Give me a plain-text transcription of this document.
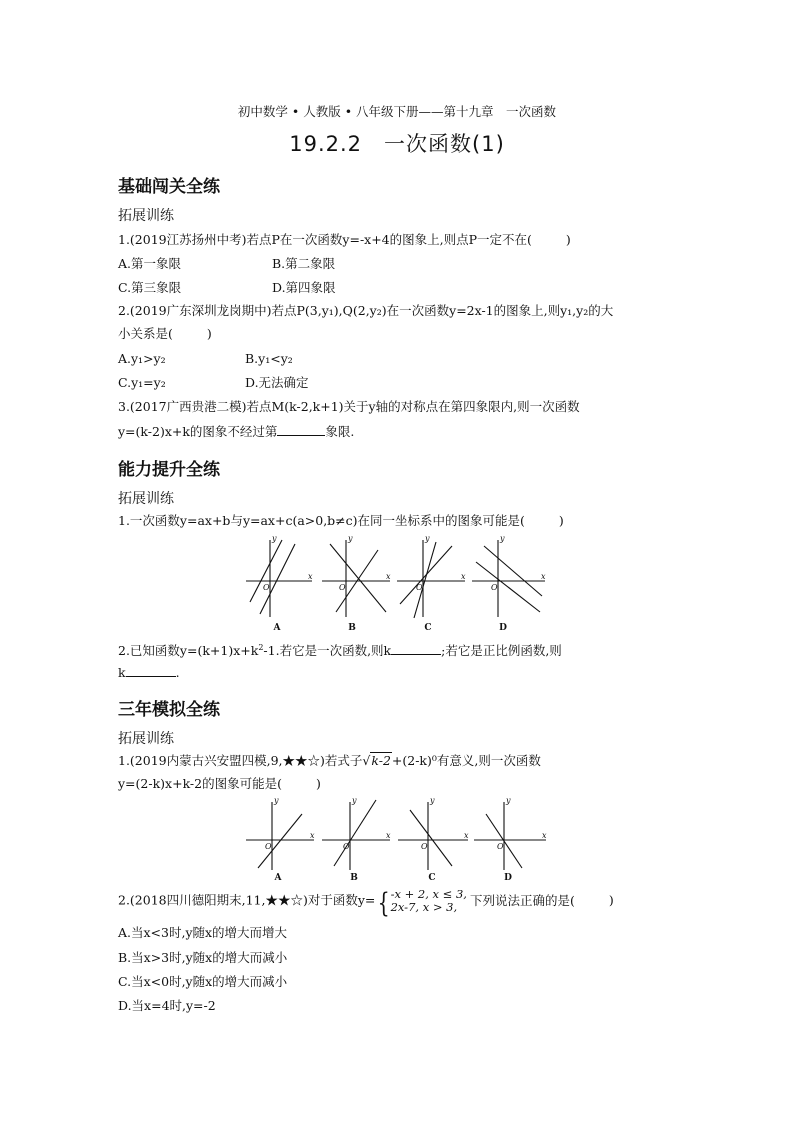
初中数学 • 人教版 • 八年级下册——第十九章　一次函数
19.2.2　一次函数(1)
基础闯关全练
拓展训练
1.(2019江苏扬州中考)若点P在一次函数y=-x+4的图象上,则点P一定不在(	)
A.第一象限	B.第二象限
C.第三象限	D.第四象限
2.(2019广东深圳龙岗期中)若点P(3,y₁),Q(2,y₂)在一次函数y=2x-1的图象上,则y₁,y₂的大
小关系是(	)
A.y₁>y₂	B.y₁<y₂
C.y₁=y₂	D.无法确定
3.(2017广西贵港二模)若点M(k-2,k+1)关于y轴的对称点在第四象限内,则一次函数
y=(k-2)x+k的图象不经过第	象限.
能力提升全练
拓展训练
1.一次函数y=ax+b与y=ax+c(a>0,b≠c)在同一坐标系中的图象可能是(	)
y
x
O
y
x
O
y
x
O
y
x
O
A	B	C	D
2.已知函数$y=(k+1)x+k^2-1$.若它是一次函数,则k	;若它是正比例函数,则
k	.
三年模拟全练
拓展训练
1.(2019内蒙古兴安盟四模,9,★★☆)若式子√k-2+(2-k)⁰有意义,则一次函数
y=(2-k)x+k-2的图象可能是(	)
y
x
O
y
x
O
y
x
O
y
x
O
A	B	C	D
2.(2018四川德阳期末,11,★★☆)对于函数y={ -x + 2, x ≤ 3,
2x-7, x > 3,	下列说法正确的是(	)
A.当x<3时,y随x的增大而增大
B.当x>3时,y随x的增大而减小
C.当x<0时,y随x的增大而减小
D.当x=4时,y=-2
